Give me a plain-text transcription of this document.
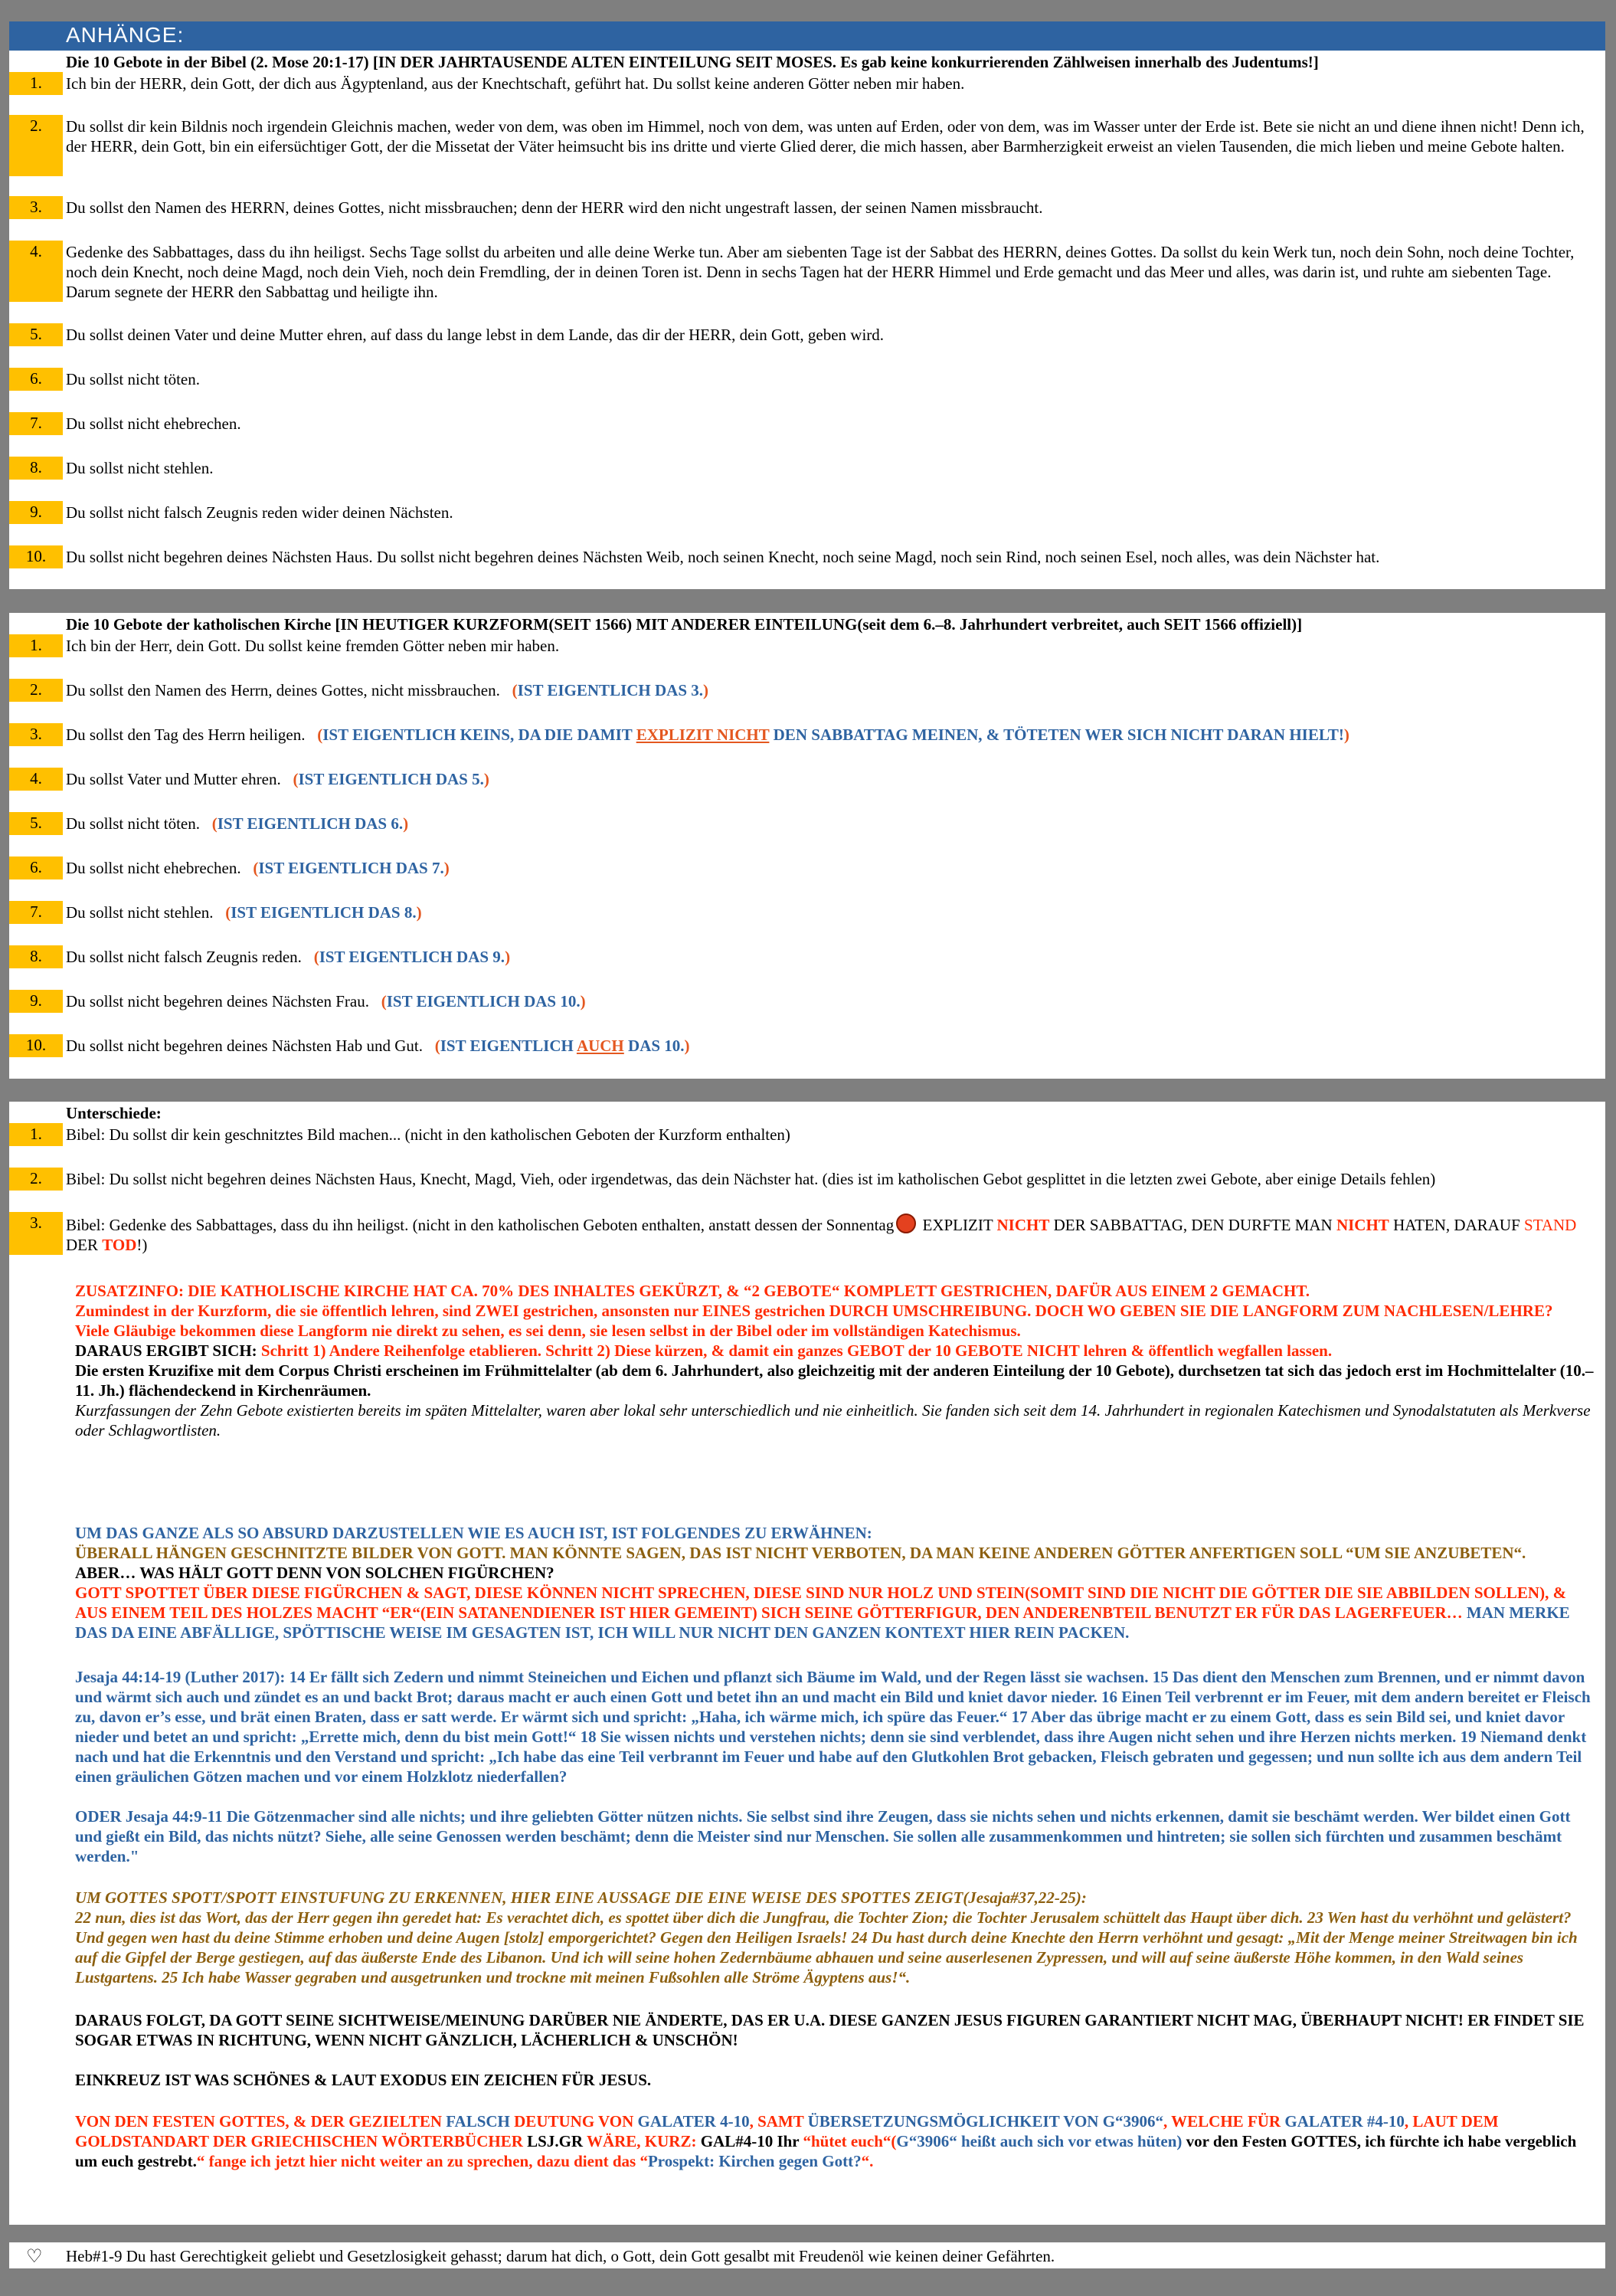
ANHÄNGE:
Die 10 Gebote in der Bibel (2. Mose 20:1-17) [IN DER JAHRTAUSENDE ALTEN EINTEILUNG SEIT MOSES. Es gab keine konkurrierenden Zählweisen innerhalb des Judentums!]
1.	Ich bin der HERR, dein Gott, der dich aus Ägyptenland, aus der Knechtschaft, geführt hat. Du sollst keine anderen Götter neben mir haben.
2.	Du sollst dir kein Bildnis noch irgendein Gleichnis machen, weder von dem, was oben im Himmel, noch von dem, was unten auf Erden, oder von dem, was im Wasser unter der Erde ist. Bete sie nicht an und diene ihnen nicht! Denn ich, der HERR, dein Gott, bin ein eifersüchtiger Gott, der die Missetat der Väter heimsucht bis ins dritte und vierte Glied derer, die mich hassen, aber Barmherzigkeit erweist an vielen Tausenden, die mich lieben und meine Gebote halten.
3.	Du sollst den Namen des HERRN, deines Gottes, nicht missbrauchen; denn der HERR wird den nicht ungestraft lassen, der seinen Namen missbraucht.
4.	Gedenke des Sabbattages, dass du ihn heiligst. Sechs Tage sollst du arbeiten und alle deine Werke tun. Aber am siebenten Tage ist der Sabbat des HERRN, deines Gottes. Da sollst du kein Werk tun, noch dein Sohn, noch deine Tochter, noch dein Knecht, noch deine Magd, noch dein Vieh, noch dein Fremdling, der in deinen Toren ist. Denn in sechs Tagen hat der HERR Himmel und Erde gemacht und das Meer und alles, was darin ist, und ruhte am siebenten Tage. Darum segnete der HERR den Sabbattag und heiligte ihn.
5.	Du sollst deinen Vater und deine Mutter ehren, auf dass du lange lebst in dem Lande, das dir der HERR, dein Gott, geben wird.
6.	Du sollst nicht töten.
7.	Du sollst nicht ehebrechen.
8.	Du sollst nicht stehlen.
9.	Du sollst nicht falsch Zeugnis reden wider deinen Nächsten.
10.	Du sollst nicht begehren deines Nächsten Haus. Du sollst nicht begehren deines Nächsten Weib, noch seinen Knecht, noch seine Magd, noch sein Rind, noch seinen Esel, noch alles, was dein Nächster hat.
Die 10 Gebote der katholischen Kirche [IN HEUTIGER KURZFORM(SEIT 1566) MIT ANDERER EINTEILUNG(seit dem 6.–8. Jahrhundert verbreitet, auch SEIT 1566 offiziell)]
1.	Ich bin der Herr, dein Gott. Du sollst keine fremden Götter neben mir haben.
2.	Du sollst den Namen des Herrn, deines Gottes, nicht missbrauchen. (IST EIGENTLICH DAS 3.)
3.	Du sollst den Tag des Herrn heiligen. (IST EIGENTLICH KEINS, DA DIE DAMIT EXPLIZIT NICHT DEN SABBATTAG MEINEN, & TÖTETEN WER SICH NICHT DARAN HIELT!)
4.	Du sollst Vater und Mutter ehren. (IST EIGENTLICH DAS 5.)
5.	Du sollst nicht töten. (IST EIGENTLICH DAS 6.)
6.	Du sollst nicht ehebrechen. (IST EIGENTLICH DAS 7.)
7.	Du sollst nicht stehlen. (IST EIGENTLICH DAS 8.)
8.	Du sollst nicht falsch Zeugnis reden. (IST EIGENTLICH DAS 9.)
9.	Du sollst nicht begehren deines Nächsten Frau. (IST EIGENTLICH DAS 10.)
10.	Du sollst nicht begehren deines Nächsten Hab und Gut. (IST EIGENTLICH AUCH DAS 10.)
Unterschiede:
1.	Bibel: Du sollst dir kein geschnitztes Bild machen... (nicht in den katholischen Geboten der Kurzform enthalten)
2.	Bibel: Du sollst nicht begehren deines Nächsten Haus, Knecht, Magd, Vieh, oder irgendetwas, das dein Nächster hat. (dies ist im katholischen Gebot gesplittet in die letzten zwei Gebote, aber einige Details fehlen)
3.	Bibel: Gedenke des Sabbattages, dass du ihn heiligst. (nicht in den katholischen Geboten enthalten, anstatt dessen der Sonnentag EXPLIZIT NICHT DER SABBATTAG, DEN DURFTE MAN NICHT HATEN, DARAUF STAND DER TOD!)
ZUSATZINFO: DIE KATHOLISCHE KIRCHE HAT CA. 70% DES INHALTES GEKÜRZT, & “2 GEBOTE“ KOMPLETT GESTRICHEN, DAFÜR AUS EINEM 2 GEMACHT.
Zumindest in der Kurzform, die sie öffentlich lehren, sind ZWEI gestrichen, ansonsten nur EINES gestrichen DURCH UMSCHREIBUNG. DOCH WO GEBEN SIE DIE LANGFORM ZUM NACHLESEN/LEHRE?
Viele Gläubige bekommen diese Langform nie direkt zu sehen, es sei denn, sie lesen selbst in der Bibel oder im vollständigen Katechismus.
DARAUS ERGIBT SICH: Schritt 1) Andere Reihenfolge etablieren. Schritt 2) Diese kürzen, & damit ein ganzes GEBOT der 10 GEBOTE NICHT lehren & öffentlich wegfallen lassen.
Die ersten Kruzifixe mit dem Corpus Christi erscheinen im Frühmittelalter (ab dem 6. Jahrhundert, also gleichzeitig mit der anderen Einteilung der 10 Gebote), durchsetzen tat sich das jedoch erst im Hochmittelalter (10.–11. Jh.) flächendeckend in Kirchenräumen.
Kurzfassungen der Zehn Gebote existierten bereits im späten Mittelalter, waren aber lokal sehr unterschiedlich und nie einheitlich. Sie fanden sich seit dem 14. Jahrhundert in regionalen Katechismen und Synodalstatuten als Merkverse oder Schlagwortlisten.
UM DAS GANZE ALS SO ABSURD DARZUSTELLEN WIE ES AUCH IST, IST FOLGENDES ZU ERWÄHNEN:
ÜBERALL HÄNGEN GESCHNITZTE BILDER VON GOTT. MAN KÖNNTE SAGEN, DAS IST NICHT VERBOTEN, DA MAN KEINE ANDEREN GÖTTER ANFERTIGEN SOLL “UM SIE ANZUBETEN“.
ABER… WAS HÄLT GOTT DENN VON SOLCHEN FIGÜRCHEN?
GOTT SPOTTET ÜBER DIESE FIGÜRCHEN & SAGT, DIESE KÖNNEN NICHT SPRECHEN, DIESE SIND NUR HOLZ UND STEIN(SOMIT SIND DIE NICHT DIE GÖTTER DIE SIE ABBILDEN SOLLEN), & AUS EINEM TEIL DES HOLZES MACHT “ER“(EIN SATANENDIENER IST HIER GEMEINT) SICH SEINE GÖTTERFIGUR, DEN ANDERENBTEIL BENUTZT ER FÜR DAS LAGERFEUER… MAN MERKE DAS DA EINE ABFÄLLIGE, SPÖTTISCHE WEISE IM GESAGTEN IST, ICH WILL NUR NICHT DEN GANZEN KONTEXT HIER REIN PACKEN.
Jesaja 44:14-19 (Luther 2017): 14 Er fällt sich Zedern und nimmt Steineichen und Eichen und pflanzt sich Bäume im Wald, und der Regen lässt sie wachsen. 15 Das dient den Menschen zum Brennen, und er nimmt davon und wärmt sich auch und zündet es an und backt Brot; daraus macht er auch einen Gott und betet ihn an und macht ein Bild und kniet davor nieder. 16 Einen Teil verbrennt er im Feuer, mit dem andern bereitet er Fleisch zu, davon er’s esse, und brät einen Braten, dass er satt werde. Er wärmt sich und spricht: „Haha, ich wärme mich, ich spüre das Feuer.“ 17 Aber das übrige macht er zu einem Gott, dass es sein Bild sei, und kniet davor nieder und betet an und spricht: „Errette mich, denn du bist mein Gott!“ 18 Sie wissen nichts und verstehen nichts; denn sie sind verblendet, dass ihre Augen nicht sehen und ihre Herzen nichts merken. 19 Niemand denkt nach und hat die Erkenntnis und den Verstand und spricht: „Ich habe das eine Teil verbrannt im Feuer und habe auf den Glutkohlen Brot gebacken, Fleisch gebraten und gegessen; und nun sollte ich aus dem andern Teil einen gräulichen Götzen machen und vor einem Holzklotz niederfallen?
ODER Jesaja 44:9-11 Die Götzenmacher sind alle nichts; und ihre geliebten Götter nützen nichts. Sie selbst sind ihre Zeugen, dass sie nichts sehen und nichts erkennen, damit sie beschämt werden. Wer bildet einen Gott und gießt ein Bild, das nichts nützt? Siehe, alle seine Genossen werden beschämt; denn die Meister sind nur Menschen. Sie sollen alle zusammenkommen und hintreten; sie sollen sich fürchten und zusammen beschämt werden."
UM GOTTES SPOTT/SPOTT EINSTUFUNG ZU ERKENNEN, HIER EINE AUSSAGE DIE EINE WEISE DES SPOTTES ZEIGT(Jesaja#37,22-25):
22 nun, dies ist das Wort, das der Herr gegen ihn geredet hat: Es verachtet dich, es spottet über dich die Jungfrau, die Tochter Zion; die Tochter Jerusalem schüttelt das Haupt über dich. 23 Wen hast du verhöhnt und gelästert? Und gegen wen hast du deine Stimme erhoben und deine Augen [stolz] emporgerichtet? Gegen den Heiligen Israels! 24 Du hast durch deine Knechte den Herrn verhöhnt und gesagt: „Mit der Menge meiner Streitwagen bin ich auf die Gipfel der Berge gestiegen, auf das äußerste Ende des Libanon. Und ich will seine hohen Zedernbäume abhauen und seine auserlesenen Zypressen, und will auf seine äußerste Höhe kommen, in den Wald seines Lustgartens. 25 Ich habe Wasser gegraben und ausgetrunken und trockne mit meinen Fußsohlen alle Ströme Ägyptens aus!“.
DARAUS FOLGT, DA GOTT SEINE SICHTWEISE/MEINUNG DARÜBER NIE ÄNDERTE, DAS ER U.A. DIESE GANZEN JESUS FIGUREN GARANTIERT NICHT MAG, ÜBERHAUPT NICHT! ER FINDET SIE SOGAR ETWAS IN RICHTUNG, WENN NICHT GÄNZLICH, LÄCHERLICH & UNSCHÖN!
EINKREUZ IST WAS SCHÖNES & LAUT EXODUS EIN ZEICHEN FÜR JESUS.
VON DEN FESTEN GOTTES, & DER GEZIELTEN FALSCH DEUTUNG VON GALATER 4-10, SAMT ÜBERSETZUNGSMÖGLICHKEIT VON G“3906“, WELCHE FÜR GALATER #4-10, LAUT DEM GOLDSTANDART DER GRIECHISCHEN WÖRTERBÜCHER LSJ.GR WÄRE, KURZ: GAL#4-10 Ihr “hütet euch“(G“3906“ heißt auch sich vor etwas hüten) vor den Festen GOTTES, ich fürchte ich habe vergeblich um euch gestrebt.“ fange ich jetzt hier nicht weiter an zu sprechen, dazu dient das “Prospekt: Kirchen gegen Gott?“.
♡ Heb#1-9 Du hast Gerechtigkeit geliebt und Gesetzlosigkeit gehasst; darum hat dich, o Gott, dein Gott gesalbt mit Freudenöl wie keinen deiner Gefährten.
